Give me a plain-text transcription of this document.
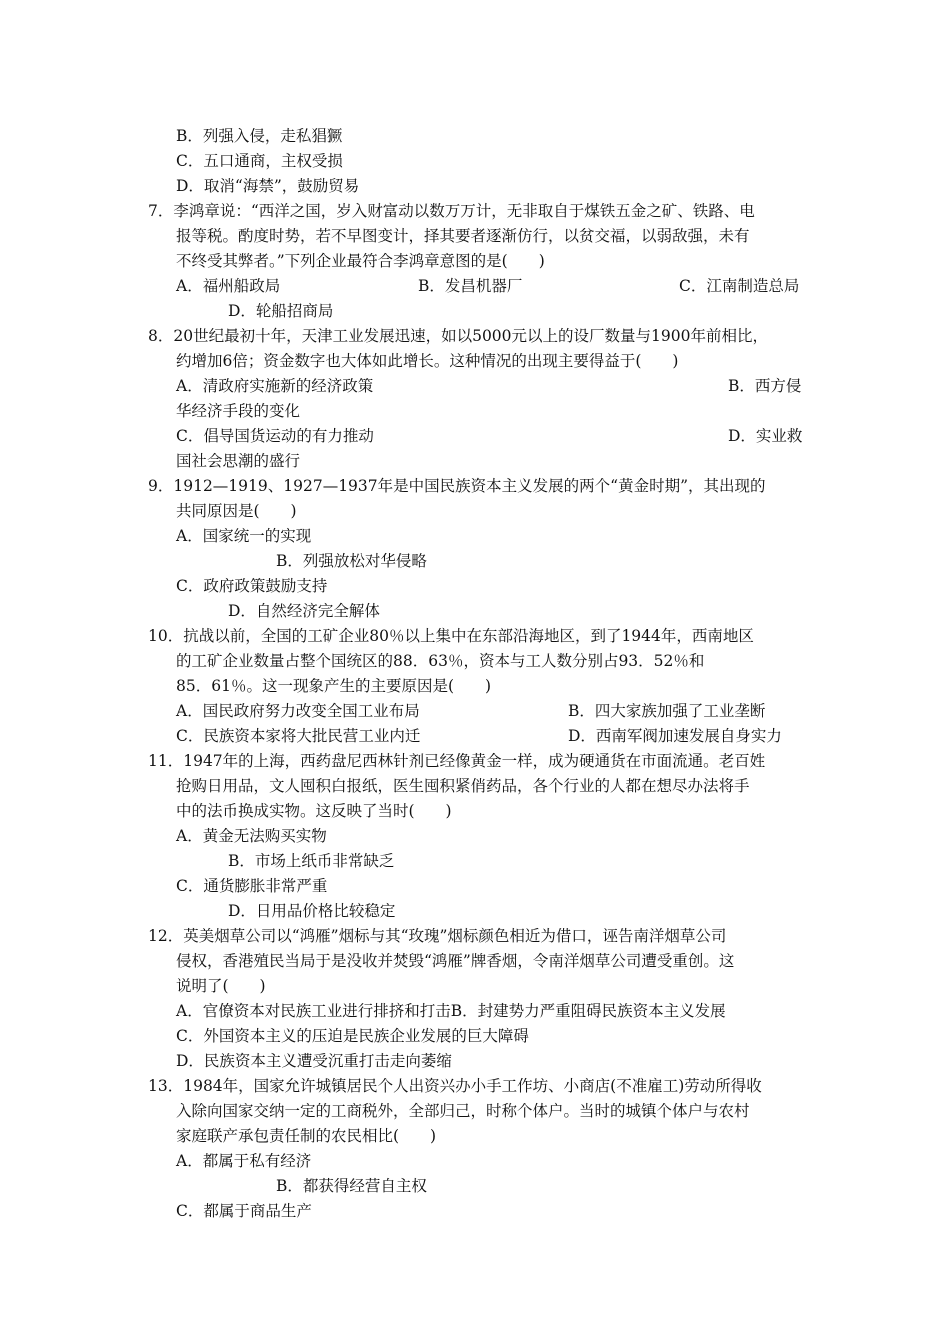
B．列强入侵，走私猖獗
C．五口通商，主权受损
D．取消“海禁”，鼓励贸易
7．李鸿章说：“西洋之国，岁入财富动以数万万计，无非取自于煤铁五金之矿、铁路、电
报等税。酌度时势，若不早图变计，择其要者逐渐仿行，以贫交福，以弱敌强，未有
不终受其弊者。”下列企业最符合李鸿章意图的是(　　)
A．福州船政局	B．发昌机器厂	C．江南制造总局
D．轮船招商局
8．20世纪最初十年，天津工业发展迅速，如以5000元以上的设厂数量与1900年前相比，
约增加6倍；资金数字也大体如此增长。这种情况的出现主要得益于(　　)
A．清政府实施新的经济政策	B．西方侵
华经济手段的变化
C．倡导国货运动的有力推动	D．实业救
国社会思潮的盛行
9．1912—1919、1927—1937年是中国民族资本主义发展的两个“黄金时期”，其出现的
共同原因是(　　)
A．国家统一的实现
B．列强放松对华侵略
C．政府政策鼓励支持
D．自然经济完全解体
10．抗战以前，全国的工矿企业80％以上集中在东部沿海地区，到了1944年，西南地区
的工矿企业数量占整个国统区的88．63％，资本与工人数分别占93．52％和
85．61％。这一现象产生的主要原因是(　　)
A．国民政府努力改变全国工业布局	B．四大家族加强了工业垄断
C．民族资本家将大批民营工业内迁	D．西南军阀加速发展自身实力
11．1947年的上海，西药盘尼西林针剂已经像黄金一样，成为硬通货在市面流通。老百姓
抢购日用品，文人囤积白报纸，医生囤积紧俏药品，各个行业的人都在想尽办法将手
中的法币换成实物。这反映了当时(　　)
A．黄金无法购买实物
B．市场上纸币非常缺乏
C．通货膨胀非常严重
D．日用品价格比较稳定
12．英美烟草公司以“鸿雁”烟标与其“玫瑰”烟标颜色相近为借口，诬告南洋烟草公司
侵权，香港殖民当局于是没收并焚毁“鸿雁”牌香烟，令南洋烟草公司遭受重创。这
说明了(　　)
A．官僚资本对民族工业进行排挤和打击B．封建势力严重阻碍民族资本主义发展
C．外国资本主义的压迫是民族企业发展的巨大障碍
D．民族资本主义遭受沉重打击走向萎缩
13．1984年，国家允许城镇居民个人出资兴办小手工作坊、小商店(不准雇工)劳动所得收
入除向国家交纳一定的工商税外，全部归己，时称个体户。当时的城镇个体户与农村
家庭联产承包责任制的农民相比(　　)
A．都属于私有经济
B．都获得经营自主权
C．都属于商品生产
